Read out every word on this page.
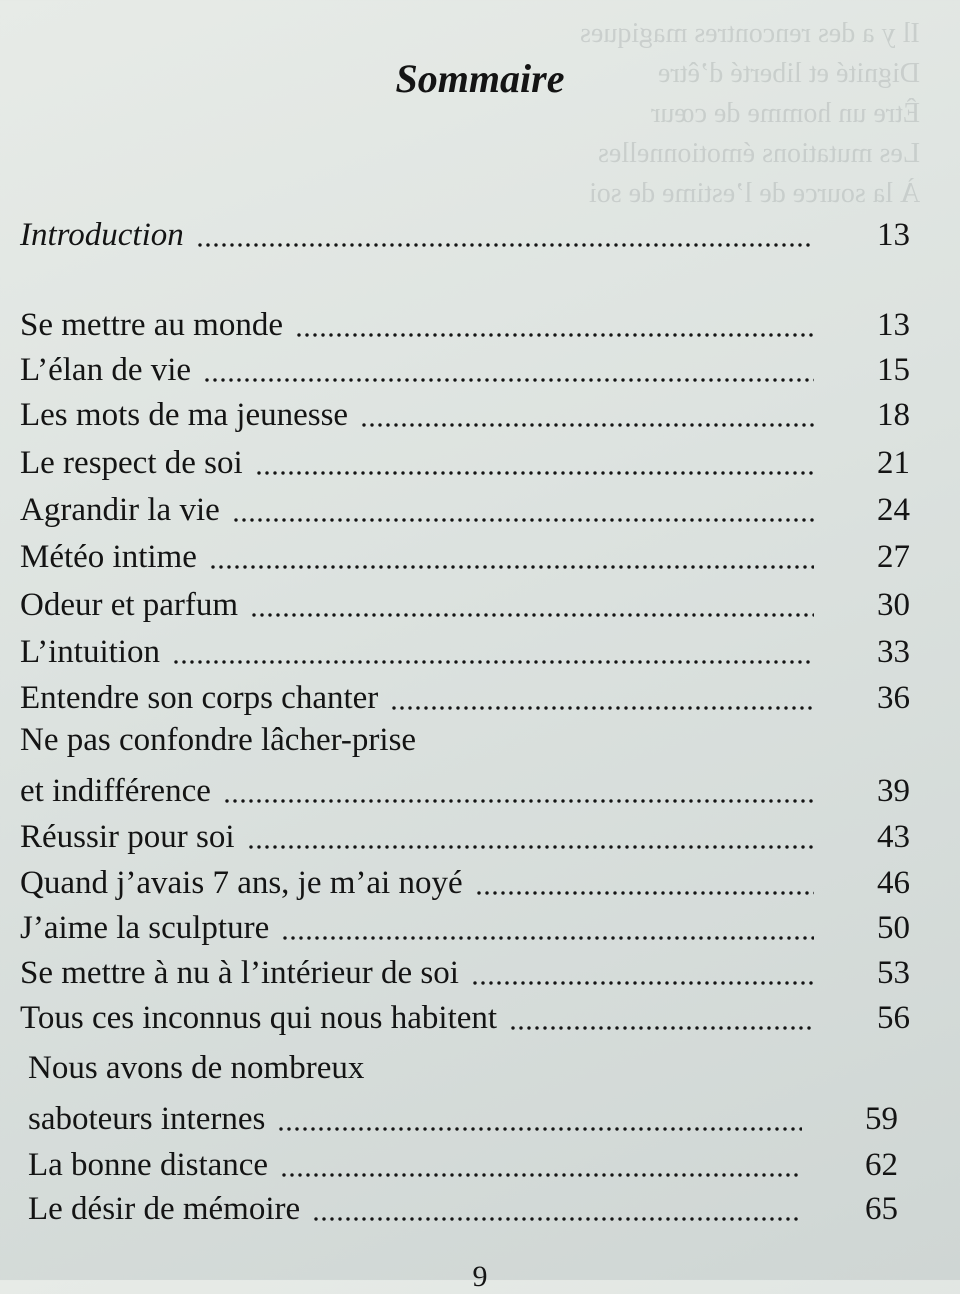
Il y a des rencontres magiques
Dignité et liberté d’être
Être un homme de cœur
Les mutations émotionnelles
À la source de l’estime de soi
Sommaire
Introduction	13
Se mettre au monde	13
L’élan de vie	15
Les mots de ma jeunesse	18
Le respect de soi	21
Agrandir la vie	24
Météo intime	27
Odeur et parfum	30
L’intuition	33
Entendre son corps chanter	36
Ne pas confondre lâcher-prise
et indifférence	39
Réussir pour soi	43
Quand j’avais 7 ans, je m’ai noyé	46
J’aime la sculpture	50
Se mettre à nu à l’intérieur de soi	53
Tous ces inconnus qui nous habitent	56
Nous avons de nombreux
saboteurs internes	59
La bonne distance	62
Le désir de mémoire	65
9
